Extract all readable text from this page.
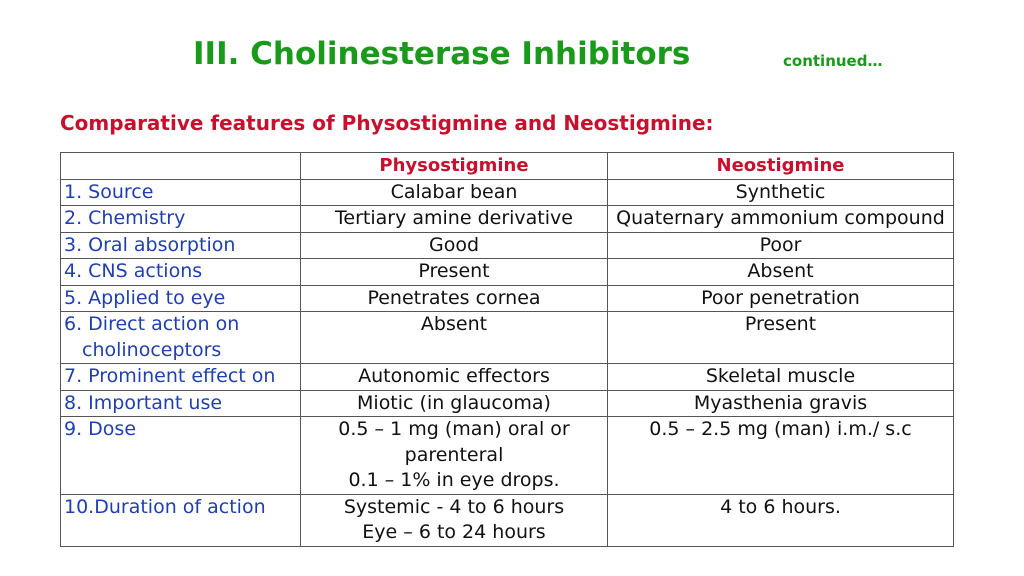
III. Cholinesterase Inhibitors	continued…
Comparative features of Physostigmine and Neostigmine:
	Physostigmine	Neostigmine

1. Source	Calabar bean	Synthetic

2. Chemistry	Tertiary amine derivative	Quaternary ammonium compound

3. Oral absorption	Good	Poor

4. CNS actions	Present	Absent

5. Applied to eye	Penetrates cornea	Poor penetration

6. Direct action on
cholinoceptors	Absent	Present

7. Prominent effect on	Autonomic effectors	Skeletal muscle

8. Important use	Miotic (in glaucoma)	Myasthenia gravis

9. Dose	0.5 – 1 mg (man) oral or
parenteral
0.1 – 1% in eye drops.	0.5 – 2.5 mg (man) i.m./ s.c

10.Duration of action	Systemic - 4 to 6 hours
Eye – 6 to 24 hours	4 to 6 hours.
